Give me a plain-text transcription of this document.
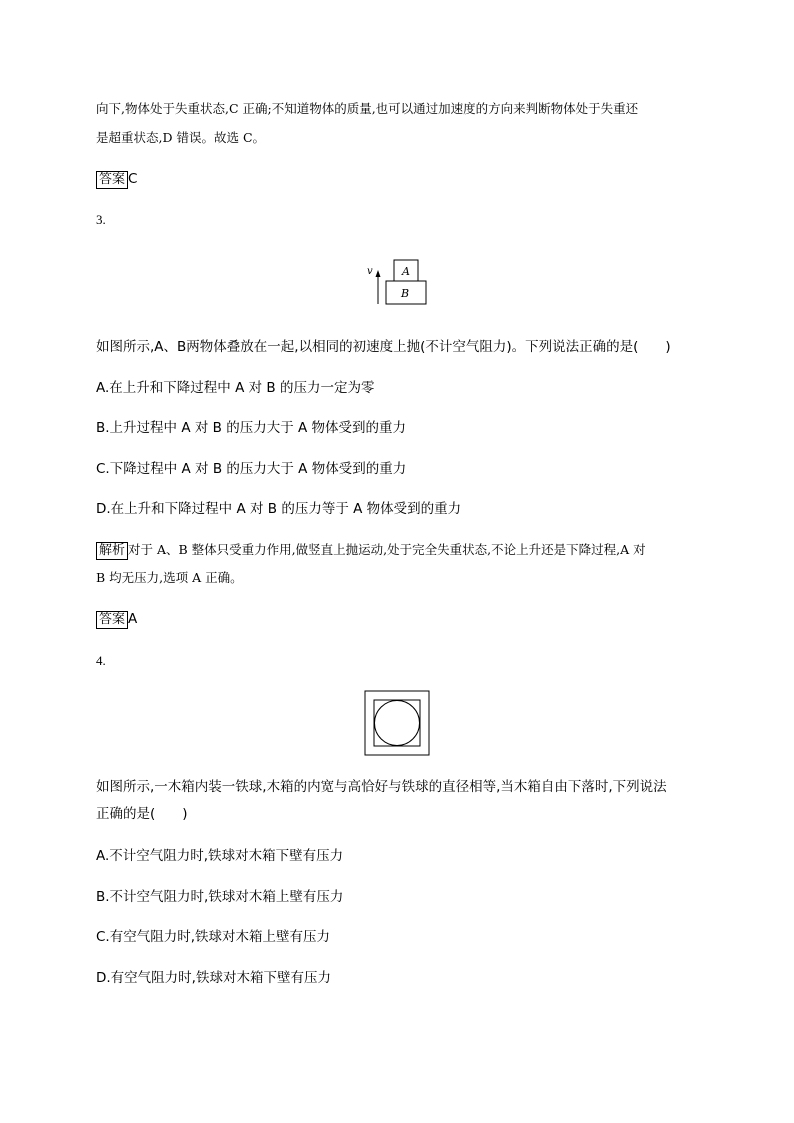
向下,物体处于失重状态,C 正确;不知道物体的质量,也可以通过加速度的方向来判断物体处于失重还
是超重状态,D 错误。故选 C。
答案 C
3.
v	A
B
如图所示,A、B两物体叠放在一起,以相同的初速度上抛(不计空气阻力)。下列说法正确的是(　　)
A.在上升和下降过程中 A 对 B 的压力一定为零
B.上升过程中 A 对 B 的压力大于 A 物体受到的重力
C.下降过程中 A 对 B 的压力大于 A 物体受到的重力
D.在上升和下降过程中 A 对 B 的压力等于 A 物体受到的重力
解析 对于 A、B 整体只受重力作用,做竖直上抛运动,处于完全失重状态,不论上升还是下降过程,A 对
B 均无压力,选项 A 正确。
答案 A
4.
如图所示,一木箱内装一铁球,木箱的内宽与高恰好与铁球的直径相等,当木箱自由下落时,下列说法
正确的是(　　)
A.不计空气阻力时,铁球对木箱下壁有压力
B.不计空气阻力时,铁球对木箱上壁有压力
C.有空气阻力时,铁球对木箱上壁有压力
D.有空气阻力时,铁球对木箱下壁有压力
